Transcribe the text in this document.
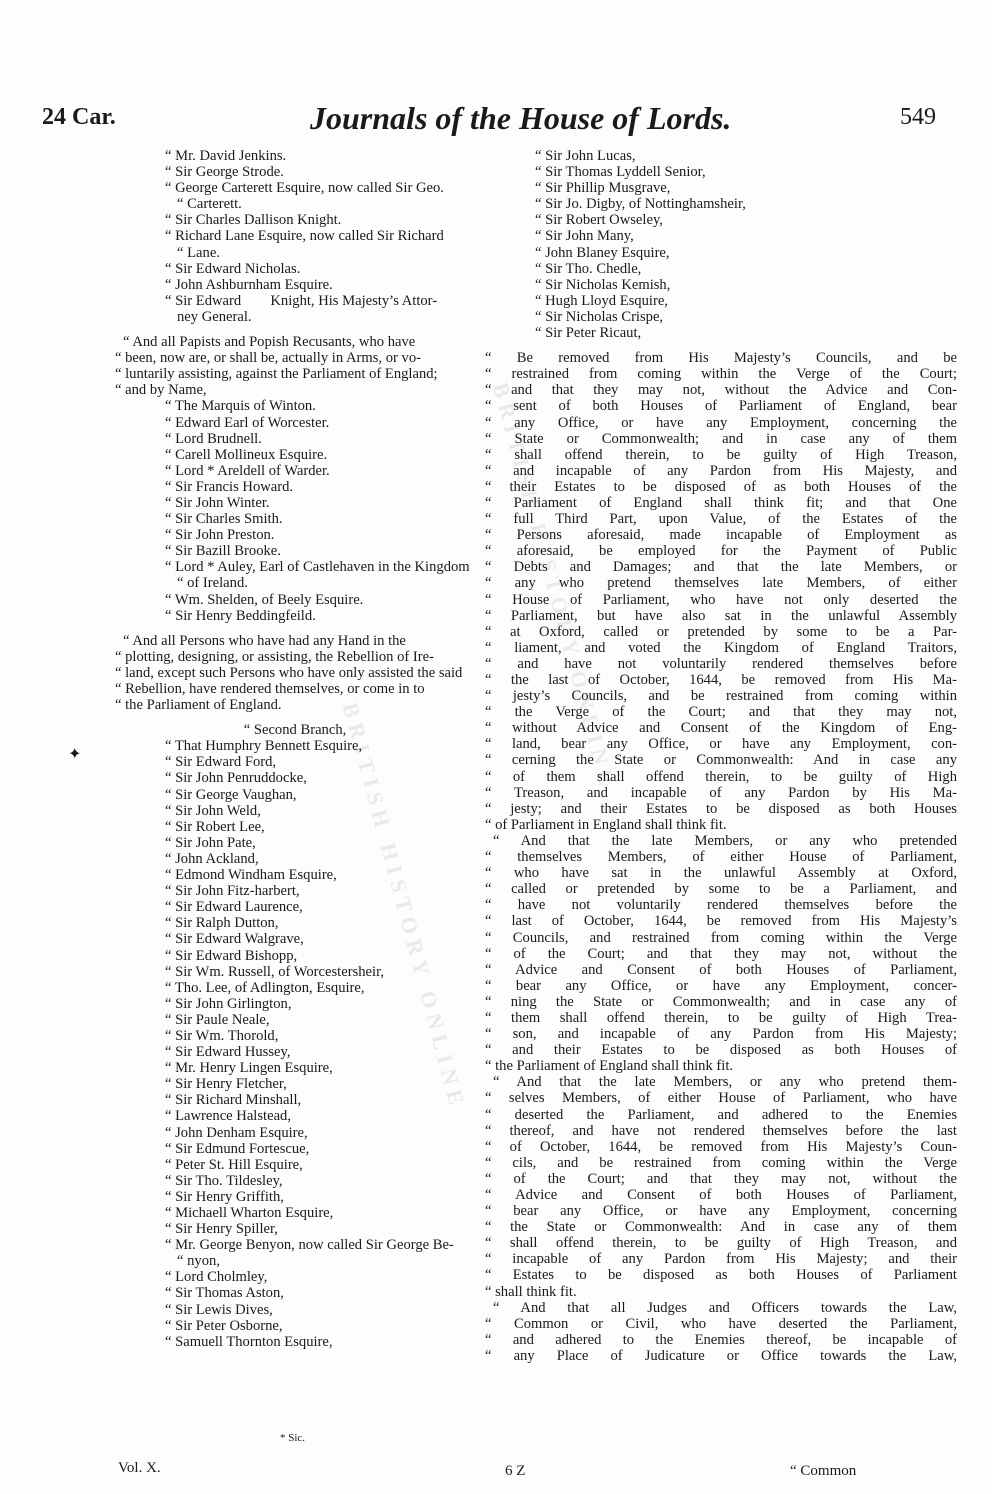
24 Car.	Journals of the House of Lords.	549
BRITISH HISTORY ONLINE
BRITISH HISTORY ONLINE
✦
“ Mr. David Jenkins.
“ Sir George Strode.
“ George Carterett Esquire, now called Sir Geo.
“ Carterett.
“ Sir Charles Dallison Knight.
“ Richard Lane Esquire, now called Sir Richard
“ Lane.
“ Sir Edward Nicholas.
“ John Ashburnham Esquire.
“ Sir Edward        Knight, His Majesty’s Attor-
ney General.
“ And all Papists and Popish Recusants, who have
“ been, now are, or shall be, actually in Arms, or vo-
“ luntarily assisting, against the Parliament of England;
“ and by Name,
“ The Marquis of Winton.
“ Edward Earl of Worcester.
“ Lord Brudnell.
“ Carell Mollineux Esquire.
“ Lord * Areldell of Warder.
“ Sir Francis Howard.
“ Sir John Winter.
“ Sir Charles Smith.
“ Sir John Preston.
“ Sir Bazill Brooke.
“ Lord * Auley, Earl of Castlehaven in the Kingdom
“ of Ireland.
“ Wm. Shelden, of Beely Esquire.
“ Sir Henry Beddingfeild.
“ And all Persons who have had any Hand in the
“ plotting, designing, or assisting, the Rebellion of Ire-
“ land, except such Persons who have only assisted the said
“ Rebellion, have rendered themselves, or come in to
“ the Parliament of England.
“ Second Branch,
“ That Humphry Bennett Esquire,
“ Sir Edward Ford,
“ Sir John Penruddocke,
“ Sir George Vaughan,
“ Sir John Weld,
“ Sir Robert Lee,
“ Sir John Pate,
“ John Ackland,
“ Edmond Windham Esquire,
“ Sir John Fitz-harbert,
“ Sir Edward Laurence,
“ Sir Ralph Dutton,
“ Sir Edward Walgrave,
“ Sir Edward Bishopp,
“ Sir Wm. Russell, of Worcestersheir,
“ Tho. Lee, of Adlington, Esquire,
“ Sir John Girlington,
“ Sir Paule Neale,
“ Sir Wm. Thorold,
“ Sir Edward Hussey,
“ Mr. Henry Lingen Esquire,
“ Sir Henry Fletcher,
“ Sir Richard Minshall,
“ Lawrence Halstead,
“ John Denham Esquire,
“ Sir Edmund Fortescue,
“ Peter St. Hill Esquire,
“ Sir Tho. Tildesley,
“ Sir Henry Griffith,
“ Michaell Wharton Esquire,
“ Sir Henry Spiller,
“ Mr. George Benyon, now called Sir George Be-
“ nyon,
“ Lord Cholmley,
“ Sir Thomas Aston,
“ Sir Lewis Dives,
“ Sir Peter Osborne,
“ Samuell Thornton Esquire,
“ Sir John Lucas,
“ Sir Thomas Lyddell Senior,
“ Sir Phillip Musgrave,
“ Sir Jo. Digby, of Nottinghamsheir,
“ Sir Robert Owseley,
“ Sir John Many,
“ John Blaney Esquire,
“ Sir Tho. Chedle,
“ Sir Nicholas Kemish,
“ Hugh Lloyd Esquire,
“ Sir Nicholas Crispe,
“ Sir Peter Ricaut,
“ Be removed from His Majesty’s Councils, and be
“ restrained from coming within the Verge of the Court;
“ and that they may not, without the Advice and Con-
“ sent of both Houses of Parliament of England, bear
“ any Office, or have any Employment, concerning the
“ State or Commonwealth; and in case any of them
“ shall offend therein, to be guilty of High Treason,
“ and incapable of any Pardon from His Majesty, and
“ their Estates to be disposed of as both Houses of the
“ Parliament of England shall think fit; and that One
“ full Third Part, upon Value, of the Estates of the
“ Persons aforesaid, made incapable of Employment as
“ aforesaid, be employed for the Payment of Public
“ Debts and Damages; and that the late Members, or
“ any who pretend themselves late Members, of either
“ House of Parliament, who have not only deserted the
“ Parliament, but have also sat in the unlawful Assembly
“ at Oxford, called or pretended by some to be a Par-
“ liament, and voted the Kingdom of England Traitors,
“ and have not voluntarily rendered themselves before
“ the last of October, 1644, be removed from His Ma-
“ jesty’s Councils, and be restrained from coming within
“ the Verge of the Court; and that they may not,
“ without Advice and Consent of the Kingdom of Eng-
“ land, bear any Office, or have any Employment, con-
“ cerning the State or Commonwealth: And in case any
“ of them shall offend therein, to be guilty of High
“ Treason, and incapable of any Pardon by His Ma-
“ jesty; and their Estates to be disposed as both Houses
“ of Parliament in England shall think fit.
“ And that the late Members, or any who pretended
“ themselves Members, of either House of Parliament,
“ who have sat in the unlawful Assembly at Oxford,
“ called or pretended by some to be a Parliament, and
“ have not voluntarily rendered themselves before the
“ last of October, 1644, be removed from His Majesty’s
“ Councils, and restrained from coming within the Verge
“ of the Court; and that they may not, without the
“ Advice and Consent of both Houses of Parliament,
“ bear any Office, or have any Employment, concer-
“ ning the State or Commonwealth; and in case any of
“ them shall offend therein, to be guilty of High Trea-
“ son, and incapable of any Pardon from His Majesty;
“ and their Estates to be disposed as both Houses of
“ the Parliament of England shall think fit.
“ And that the late Members, or any who pretend them-
“ selves Members, of either House of Parliament, who have
“ deserted the Parliament, and adhered to the Enemies
“ thereof, and have not rendered themselves before the last
“ of October, 1644, be removed from His Majesty’s Coun-
“ cils, and be restrained from coming within the Verge
“ of the Court; and that they may not, without the
“ Advice and Consent of both Houses of Parliament,
“ bear any Office, or have any Employment, concerning
“ the State or Commonwealth: And in case any of them
“ shall offend therein, to be guilty of High Treason, and
“ incapable of any Pardon from His Majesty; and their
“ Estates to be disposed as both Houses of Parliament
“ shall think fit.
“ And that all Judges and Officers towards the Law,
“ Common or Civil, who have deserted the Parliament,
“ and adhered to the Enemies thereof, be incapable of
“ any Place of Judicature or Office towards the Law,
* Sic.
Vol. X.	6 Z	“ Common
